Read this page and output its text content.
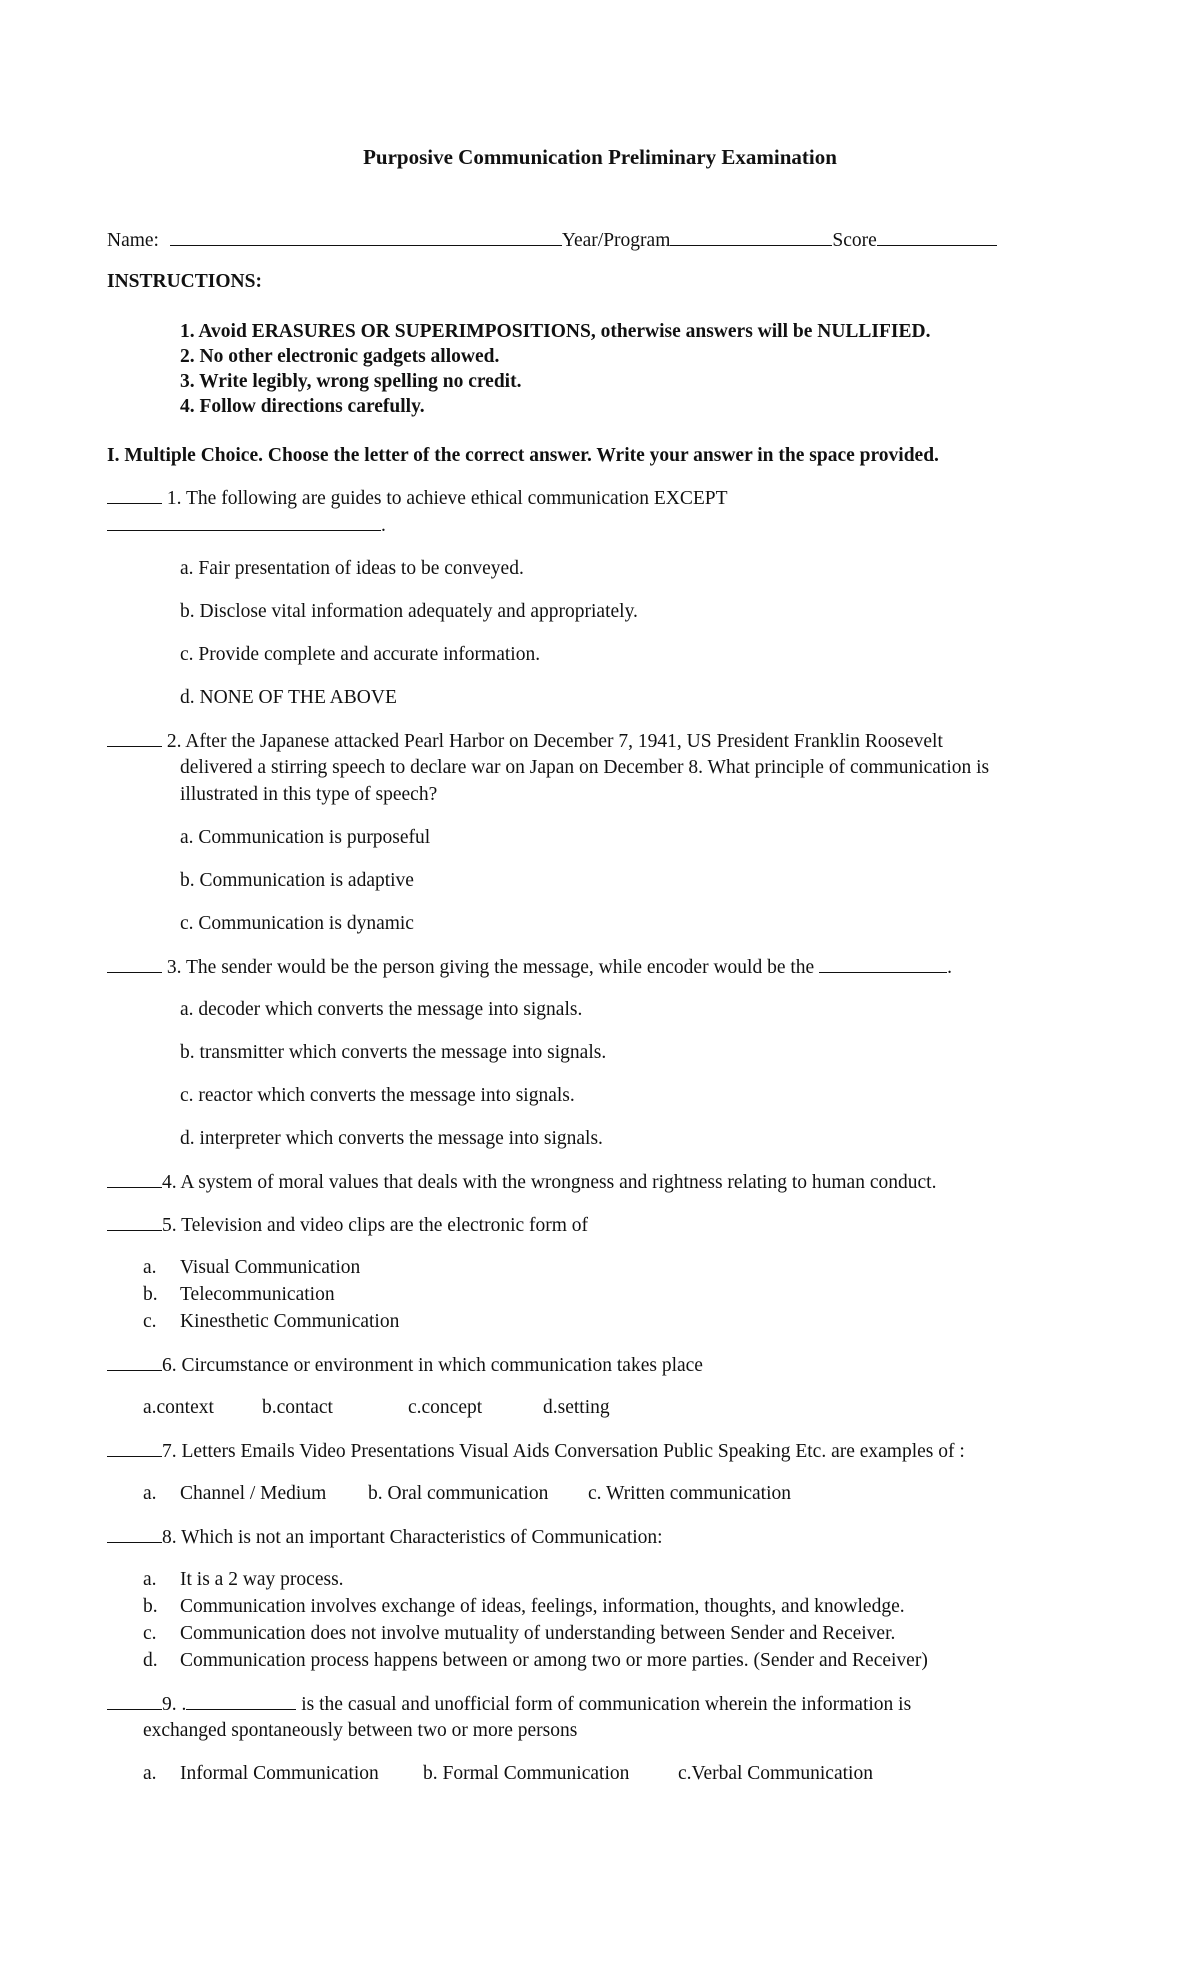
Purposive Communication Preliminary Examination
Name:	Year/Program	Score
INSTRUCTIONS:
1. Avoid ERASURES OR SUPERIMPOSITIONS, otherwise answers will be NULLIFIED.
2. No other electronic gadgets allowed.
3. Write legibly, wrong spelling no credit.
4. Follow directions carefully.
I. Multiple Choice. Choose the letter of the correct answer. Write your answer in the space provided.
1. The following are guides to achieve ethical communication EXCEPT
.
a. Fair presentation of ideas to be conveyed.
b. Disclose vital information adequately and appropriately.
c. Provide complete and accurate information.
d. NONE OF THE ABOVE
2. After the Japanese attacked Pearl Harbor on December 7, 1941, US President Franklin Roosevelt
delivered a stirring speech to declare war on Japan on December 8. What principle of communication is
illustrated in this type of speech?
a. Communication is purposeful
b. Communication is adaptive
c. Communication is dynamic
3. The sender would be the person giving the message, while encoder would be the	.
a. decoder which converts the message into signals.
b. transmitter which converts the message into signals.
c. reactor which converts the message into signals.
d. interpreter which converts the message into signals.
4. A system of moral values that deals with the wrongness and rightness relating to human conduct.
5. Television and video clips are the electronic form of
a. Visual Communication
b. Telecommunication
c. Kinesthetic Communication
6. Circumstance or environment in which communication takes place
a.context b.contact	c.concept	d.setting
7. Letters Emails Video Presentations Visual Aids Conversation Public Speaking Etc. are examples of :
a. Channel / Medium b. Oral communication c. Written communication
8. Which is not an important Characteristics of Communication:
a. It is a 2 way process.
b. Communication involves exchange of ideas, feelings, information, thoughts, and knowledge.
c. Communication does not involve mutuality of understanding between Sender and Receiver.
d. Communication process happens between or among two or more parties. (Sender and Receiver)
9. .	is the casual and unofficial form of communication wherein the information is
exchanged spontaneously between two or more persons
a. Informal Communication b. Formal Communication c.Verbal Communication
